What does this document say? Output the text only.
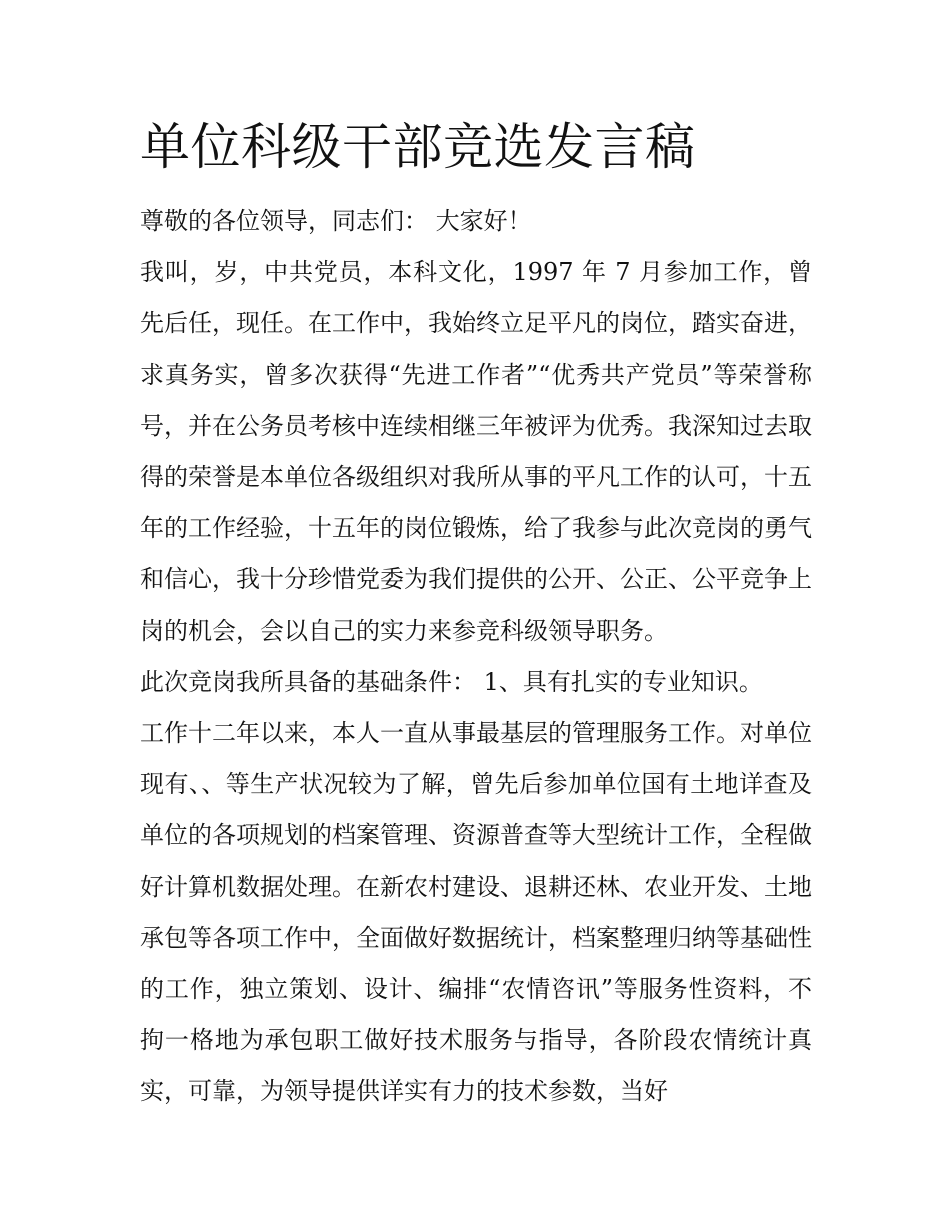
单位科级干部竞选发言稿

尊敬的各位领导，同志们： 大家好！

我叫，岁，中共党员，本科文化，1997 年 7 月参加工作，曾先后任，现任。在工作中，我始终立足平凡的岗位，踏实奋进，求真务实，曾多次获得“先进工作者”“优秀共产党员”等荣誉称号，并在公务员考核中连续相继三年被评为优秀。我深知过去取得的荣誉是本单位各级组织对我所从事的平凡工作的认可，十五年的工作经验，十五年的岗位锻炼，给了我参与此次竞岗的勇气和信心，我十分珍惜党委为我们提供的公开、公正、公平竞争上岗的机会，会以自己的实力来参竞科级领导职务。

此次竞岗我所具备的基础条件： 1、具有扎实的专业知识。

工作十二年以来，本人一直从事最基层的管理服务工作。对单位现有、、等生产状况较为了解，曾先后参加单位国有土地详查及单位的各项规划的档案管理、资源普查等大型统计工作，全程做好计算机数据处理。在新农村建设、退耕还林、农业开发、土地承包等各项工作中，全面做好数据统计，档案整理归纳等基础性的工作，独立策划、设计、编排“农情咨讯”等服务性资料，不拘一格地为承包职工做好技术服务与指导，各阶段农情统计真实，可靠，为领导提供详实有力的技术参数，当好
